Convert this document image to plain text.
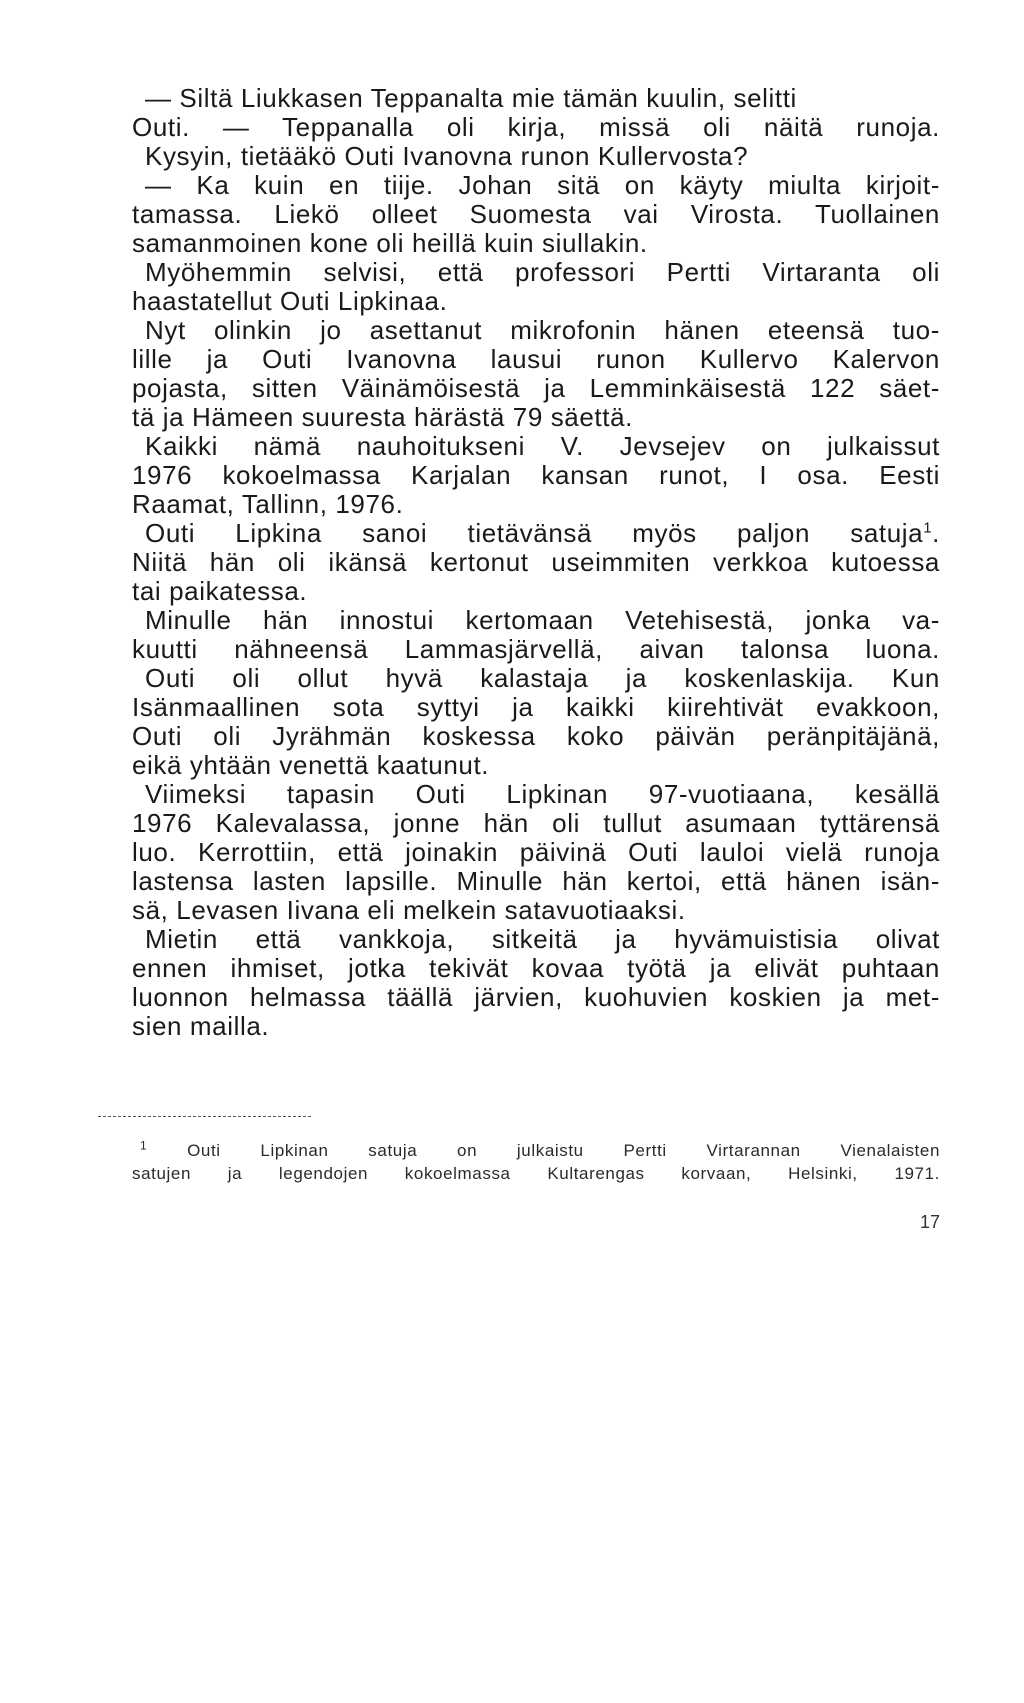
— Siltä Liukkasen Teppanalta mie tämän kuulin, selitti
Outi. — Teppanalla oli kirja, missä oli näitä runoja.
Kysyin, tietääkö Outi Ivanovna runon Kullervosta?
— Ka kuin en tiije. Johan sitä on käyty miulta kirjoit-
tamassa. Liekö olleet Suomesta vai Virosta. Tuollainen
samanmoinen kone oli heillä kuin siullakin.
Myöhemmin selvisi, että professori Pertti Virtaranta oli
haastatellut Outi Lipkinaa.
Nyt olinkin jo asettanut mikrofonin hänen eteensä tuo-
lille ja Outi Ivanovna lausui runon Kullervo Kalervon
pojasta, sitten Väinämöisestä ja Lemminkäisestä 122 säet-
tä ja Hämeen suuresta härästä 79 säettä.
Kaikki nämä nauhoitukseni V. Jevsejev on julkaissut
1976 kokoelmassa Karjalan kansan runot, I osa. Eesti
Raamat, Tallinn, 1976.
Outi Lipkina sanoi tietävänsä myös paljon satuja$^1$.
Niitä hän oli ikänsä kertonut useimmiten verkkoa kutoessa
tai paikatessa.
Minulle hän innostui kertomaan Vetehisestä, jonka va-
kuutti nähneensä Lammasjärvellä, aivan talonsa luona.
Outi oli ollut hyvä kalastaja ja koskenlaskija. Kun
Isänmaallinen sota syttyi ja kaikki kiirehtivät evakkoon,
Outi oli Jyrähmän koskessa koko päivän peränpitäjänä,
eikä yhtään venettä kaatunut.
Viimeksi tapasin Outi Lipkinan 97-vuotiaana, kesällä
1976 Kalevalassa, jonne hän oli tullut asumaan tyttärensä
luo. Kerrottiin, että joinakin päivinä Outi lauloi vielä runoja
lastensa lasten lapsille. Minulle hän kertoi, että hänen isän-
sä, Levasen Iivana eli melkein satavuotiaaksi.
Mietin että vankkoja, sitkeitä ja hyvämuistisia olivat
ennen ihmiset, jotka tekivät kovaa työtä ja elivät puhtaan
luonnon helmassa täällä järvien, kuohuvien koskien ja met-
sien mailla.
$^1$ Outi Lipkinan satuja on julkaistu Pertti Virtarannan Vienalaisten
satujen ja legendojen kokoelmassa Kultarengas korvaan, Helsinki, 1971.
17
